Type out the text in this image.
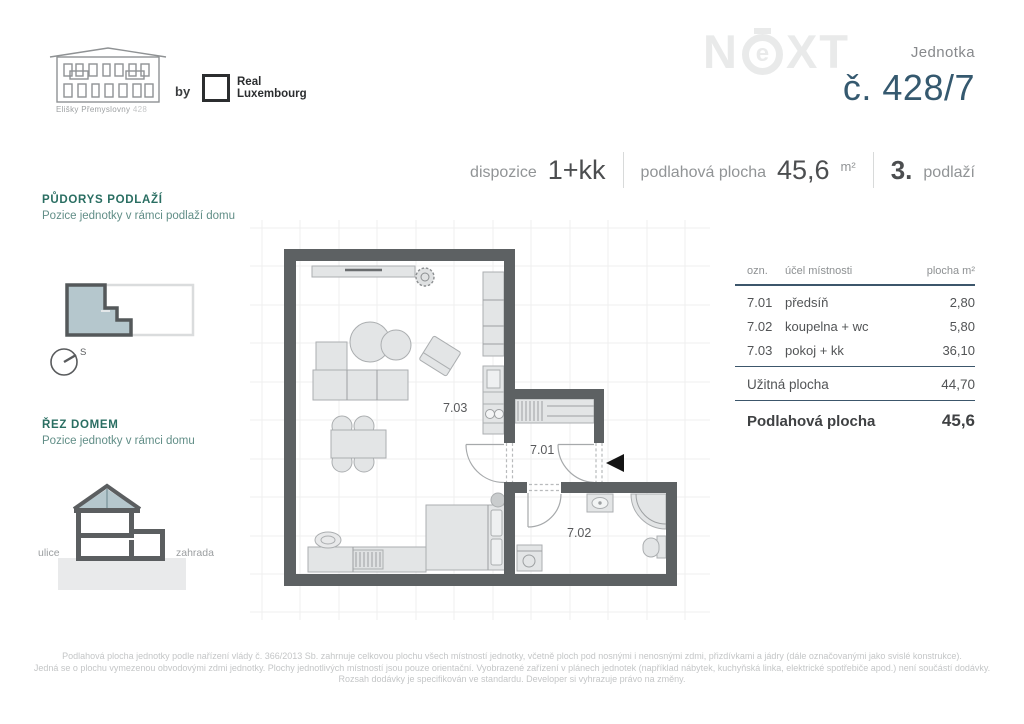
Elišky Přemyslovny 428
by
Real
Luxembourg
N e XT	Jednotka
č. 428/7
dispozice 1+kk podlahová plocha 45,6 m² 3. podlaží
PŮDORYS PODLAŽÍ
Pozice jednotky v rámci podlaží domu
S
ŘEZ DOMEM
Pozice jednotky v rámci domu
ulice	zahrada
7.03
7.01
7.02
ozn.	účel místnosti	plocha m²
7.01 předsíň	2,80
7.02 koupelna + wc	5,80
7.03 pokoj + kk	36,10
Užitná plocha	44,70
Podlahová plocha	45,6
Podlahová plocha jednotky podle nařízení vlády č. 366/2013 Sb. zahrnuje celkovou plochu všech místností jednotky, včetně ploch pod nosnými i nenosnými zdmi, přizdívkami a jádry (dále označovanými jako svislé konstrukce).
Jedná se o plochu vymezenou obvodovými zdmi jednotky. Plochy jednotlivých místností jsou pouze orientační. Vyobrazené zařízení v plánech jednotek (například nábytek, kuchyňská linka, elektrické spotřebiče apod.) není součástí dodávky.
Rozsah dodávky je specifikován ve standardu. Developer si vyhrazuje právo na změny.
